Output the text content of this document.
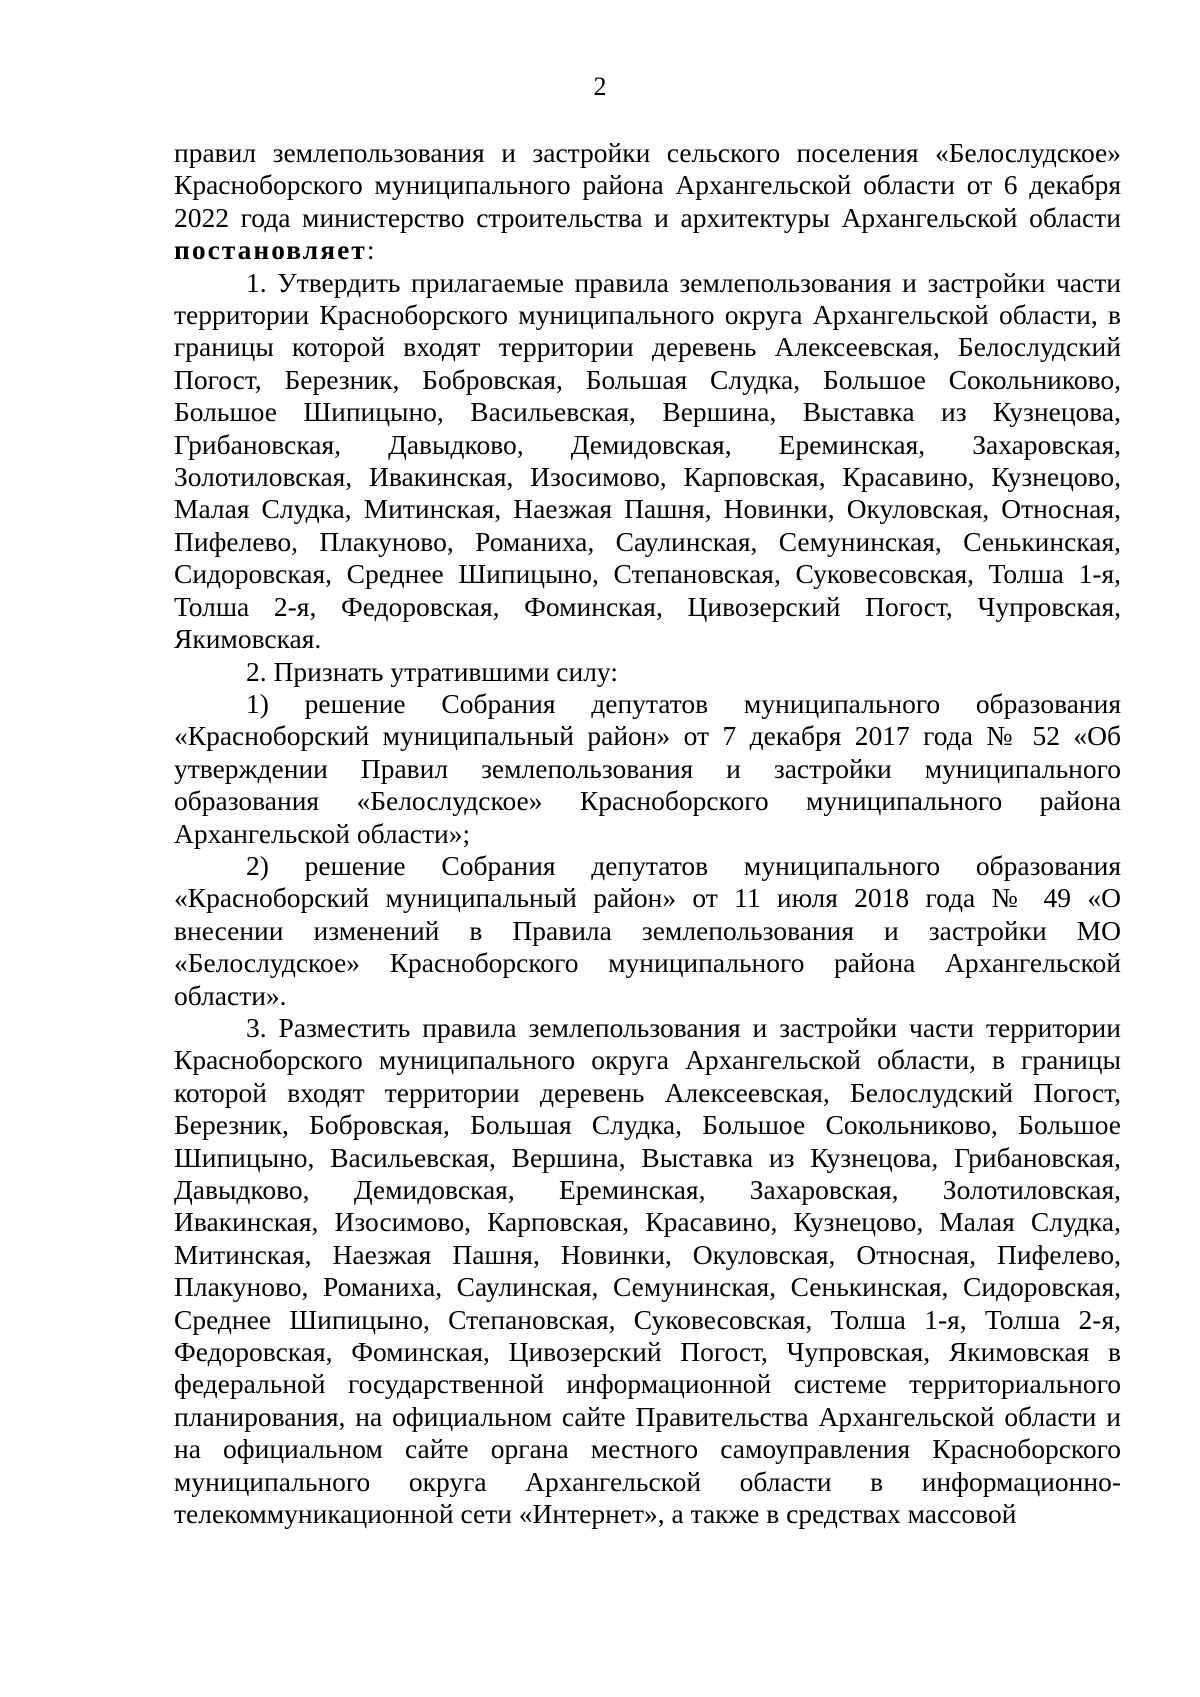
2

правил землепользования и застройки сельского поселения «Белослудское» Красноборского муниципального района Архангельской области от 6 декабря 2022 года министерство строительства и архитектуры Архангельской области постановляет:

1. Утвердить прилагаемые правила землепользования и застройки части территории Красноборского муниципального округа Архангельской области, в границы которой входят территории деревень Алексеевская, Белослудский Погост, Березник, Бобровская, Большая Слудка, Большое Сокольниково, Большое Шипицыно, Васильевская, Вершина, Выставка из Кузнецова, Грибановская, Давыдково, Демидовская, Ереминская, Захаровская, Золотиловская, Ивакинская, Изосимово, Карповская, Красавино, Кузнецово, Малая Слудка, Митинская, Наезжая Пашня, Новинки, Окуловская, Относная, Пифелево, Плакуново, Романиха, Саулинская, Семунинская, Сенькинская, Сидоровская, Среднее Шипицыно, Степановская, Суковесовская, Толша 1-я, Толша 2-я, Федоровская, Фоминская, Цивозерский Погост, Чупровская, Якимовская.

2. Признать утратившими силу:

1) решение Собрания депутатов муниципального образования «Красноборский муниципальный район» от 7 декабря 2017 года № 52 «Об утверждении Правил землепользования и застройки муниципального образования «Белослудское» Красноборского муниципального района Архангельской области»;

2) решение Собрания депутатов муниципального образования «Красноборский муниципальный район» от 11 июля 2018 года № 49 «О внесении изменений в Правила землепользования и застройки МО «Белослудское» Красноборского муниципального района Архангельской области».

3. Разместить правила землепользования и застройки части территории Красноборского муниципального округа Архангельской области, в границы которой входят территории деревень Алексеевская, Белослудский Погост, Березник, Бобровская, Большая Слудка, Большое Сокольниково, Большое Шипицыно, Васильевская, Вершина, Выставка из Кузнецова, Грибановская, Давыдково, Демидовская, Ереминская, Захаровская, Золотиловская, Ивакинская, Изосимово, Карповская, Красавино, Кузнецово, Малая Слудка, Митинская, Наезжая Пашня, Новинки, Окуловская, Относная, Пифелево, Плакуново, Романиха, Саулинская, Семунинская, Сенькинская, Сидоровская, Среднее Шипицыно, Степановская, Суковесовская, Толша 1-я, Толша 2-я, Федоровская, Фоминская, Цивозерский Погост, Чупровская, Якимовская в федеральной государственной информационной системе территориального планирования, на официальном сайте Правительства Архангельской области и на официальном сайте органа местного самоуправления Красноборского муниципального округа Архангельской области в информационно-телекоммуникационной сети «Интернет», а также в средствах массовой
